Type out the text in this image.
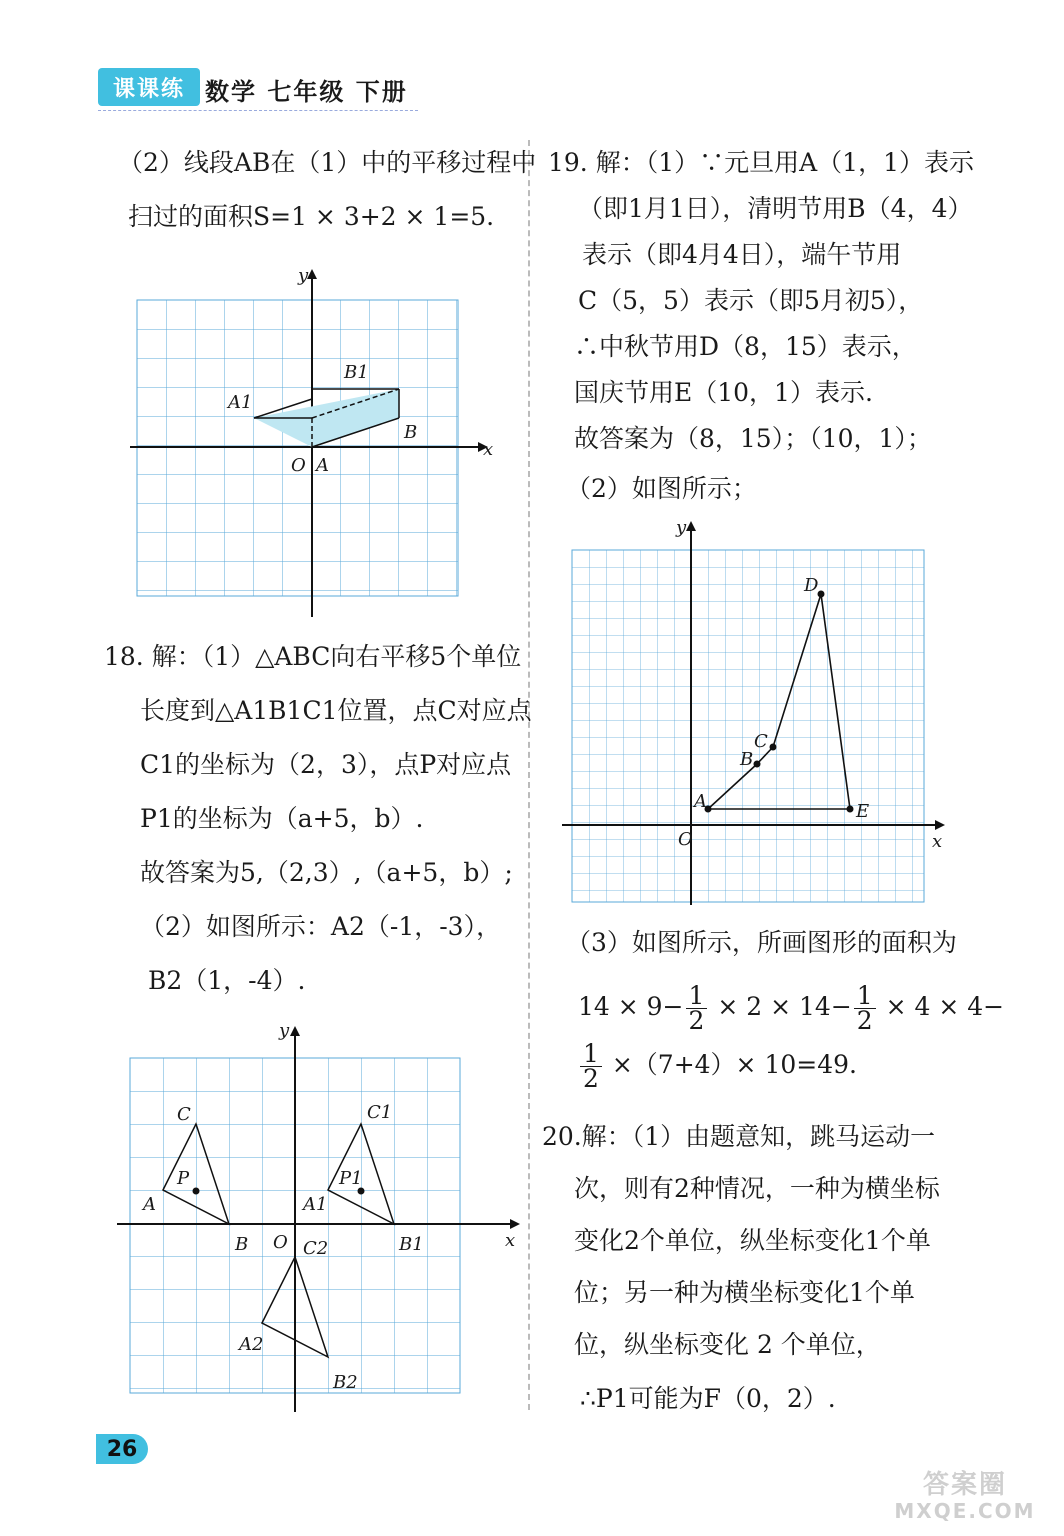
课课练 数学 七年级 下册
（2）线段AB在（1）中的平移过程中
扫过的面积S=1 × 3+2 × 1=5.
y
x
O A
B
A1
B1
18. 解：（1）△ABC向右平移5个单位
长度到△A1B1C1位置，点C对应点
C1的坐标为（2，3），点P对应点
P1的坐标为（a+5，b）.
故答案为5,（2,3）,（a+5，b）;
（2）如图所示：A2（-1，-3），
B2（1，-4）.
y
x
O
A
B
C
P
A1
B1
C1
P1
A2
B2
C2
19. 解：（1）∵元旦用A（1，1）表示
（即1月1日），清明节用B（4，4）
表示（即4月4日），端午节用
C（5，5）表示（即5月初5），
∴中秋节用D（8，15）表示，
国庆节用E（10，1）表示.
故答案为（8，15）；（10，1）；
（2）如图所示；
y
x
O
A
B
C
D
E
（3）如图所示，所画图形的面积为
$14 \times 9- \frac{1}{2} \times 2 \times 14- \frac{1}{2} \times 4 \times 4-$
$\frac{1}{2} \times(7+4)\times 10=49$.
20.解：（1）由题意知，跳马运动一
次，则有2种情况，一种为横坐标
变化2个单位，纵坐标变化1个单
位；另一种为横坐标变化1个单
位，纵坐标变化 2 个单位，
∴P1可能为F（0，2）.
26
答案圈
MXQE.COM
